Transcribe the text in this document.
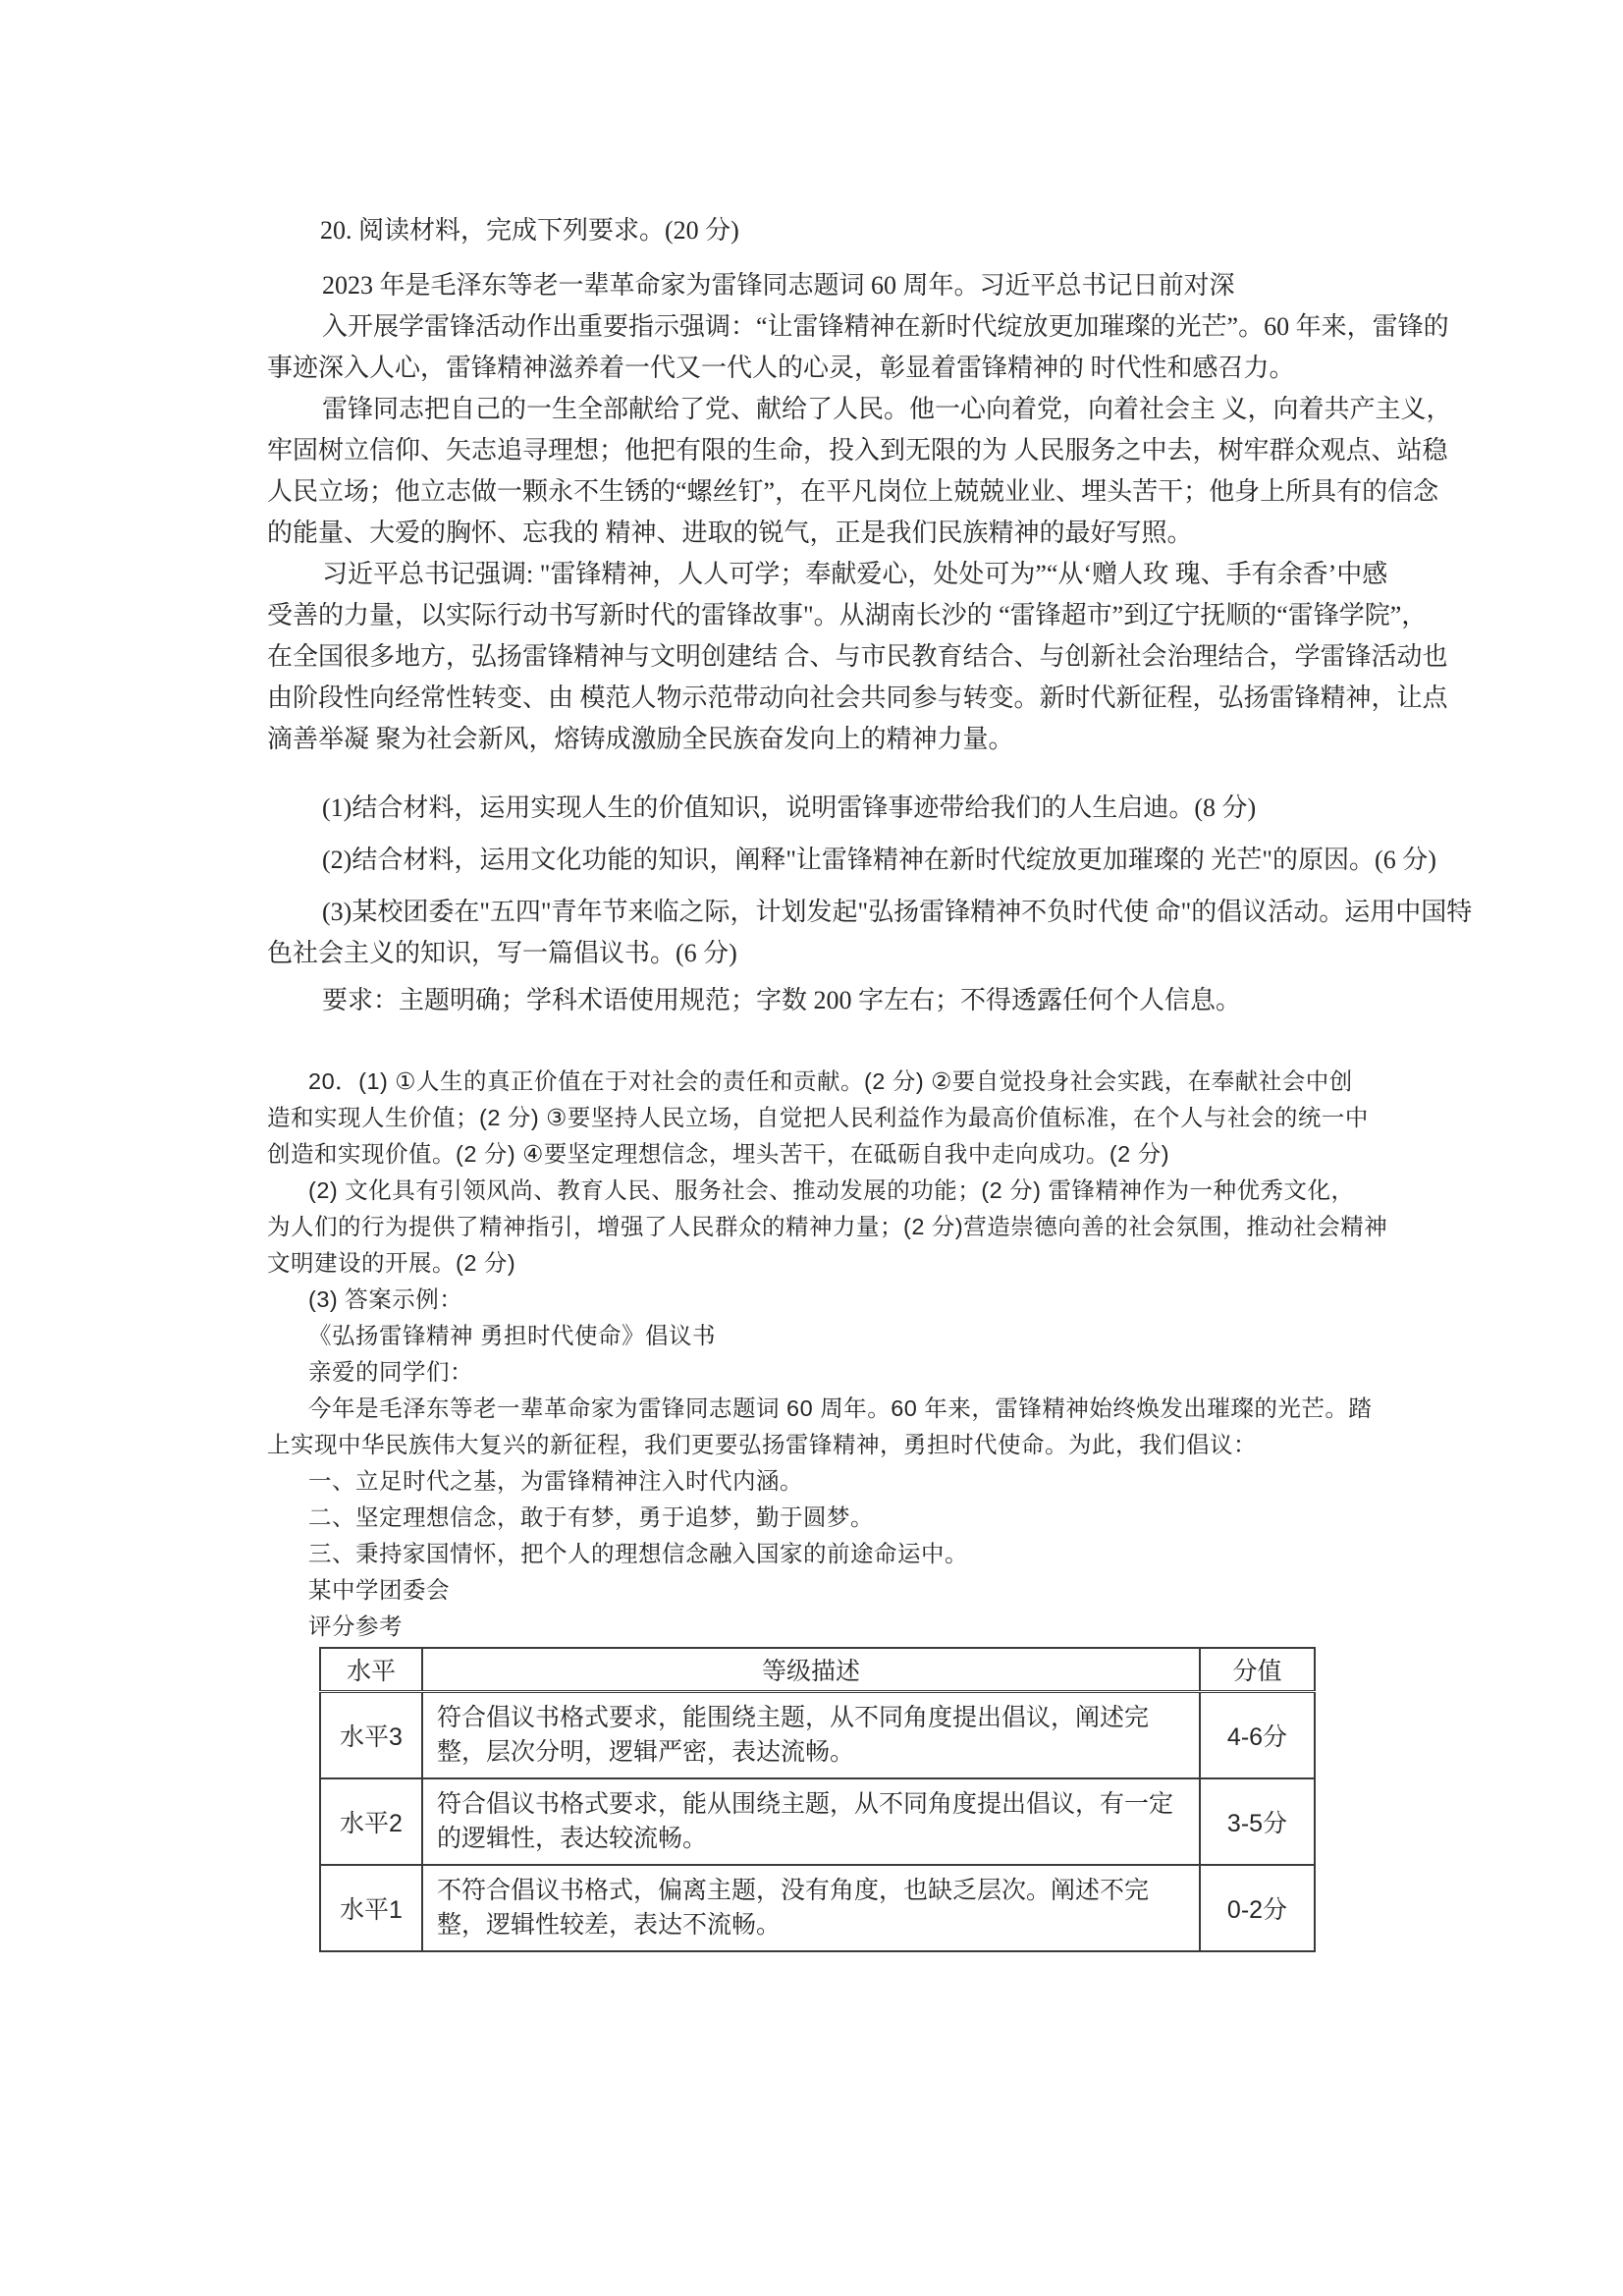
20. 阅读材料，完成下列要求。(20 分)
2023 年是毛泽东等老一辈革命家为雷锋同志题词 60 周年。习近平总书记日前对深
入开展学雷锋活动作出重要指示强调：“让雷锋精神在新时代绽放更加璀璨的光芒”。60 年来，雷锋的
事迹深入人心，雷锋精神滋养着一代又一代人的心灵，彰显着雷锋精神的 时代性和感召力。
雷锋同志把自己的一生全部献给了党、献给了人民。他一心向着党，向着社会主 义，向着共产主义，
牢固树立信仰、矢志追寻理想；他把有限的生命，投入到无限的为 人民服务之中去，树牢群众观点、站稳
人民立场；他立志做一颗永不生锈的“螺丝钉”，在平凡岗位上兢兢业业、埋头苦干；他身上所具有的信念
的能量、大爱的胸怀、忘我的 精神、进取的锐气，正是我们民族精神的最好写照。
习近平总书记强调: "雷锋精神，人人可学；奉献爱心，处处可为”“从‘赠人玫 瑰、手有余香’中感
受善的力量，以实际行动书写新时代的雷锋故事"。从湖南长沙的 “雷锋超市”到辽宁抚顺的“雷锋学院”，
在全国很多地方，弘扬雷锋精神与文明创建结 合、与市民教育结合、与创新社会治理结合，学雷锋活动也
由阶段性向经常性转变、由 模范人物示范带动向社会共同参与转变。新时代新征程，弘扬雷锋精神，让点
滴善举凝 聚为社会新风，熔铸成激励全民族奋发向上的精神力量。
(1)结合材料，运用实现人生的价值知识，说明雷锋事迹带给我们的人生启迪。(8 分)
(2)结合材料，运用文化功能的知识，阐释"让雷锋精神在新时代绽放更加璀璨的 光芒"的原因。(6 分)
(3)某校团委在"五四"青年节来临之际，计划发起"弘扬雷锋精神不负时代使 命"的倡议活动。运用中国特
色社会主义的知识，写一篇倡议书。(6 分)
要求：主题明确；学科术语使用规范；字数 200 字左右；不得透露任何个人信息。
20．(1) ①人生的真正价值在于对社会的责任和贡献。(2 分) ②要自觉投身社会实践，在奉献社会中创
造和实现人生价值；(2 分) ③要坚持人民立场，自觉把人民利益作为最高价值标准，在个人与社会的统一中
创造和实现价值。(2 分) ④要坚定理想信念，埋头苦干，在砥砺自我中走向成功。(2 分)
(2) 文化具有引领风尚、教育人民、服务社会、推动发展的功能；(2 分) 雷锋精神作为一种优秀文化，
为人们的行为提供了精神指引，增强了人民群众的精神力量；(2 分)营造崇德向善的社会氛围，推动社会精神
文明建设的开展。(2 分)
(3) 答案示例：
《弘扬雷锋精神 勇担时代使命》倡议书
亲爱的同学们：
今年是毛泽东等老一辈革命家为雷锋同志题词 60 周年。60 年来，雷锋精神始终焕发出璀璨的光芒。踏
上实现中华民族伟大复兴的新征程，我们更要弘扬雷锋精神，勇担时代使命。为此，我们倡议：
一、立足时代之基，为雷锋精神注入时代内涵。
二、坚定理想信念，敢于有梦，勇于追梦，勤于圆梦。
三、秉持家国情怀，把个人的理想信念融入国家的前途命运中。
某中学团委会
评分参考
水平	等级描述	分值
水平3	符合倡议书格式要求，能围绕主题，从不同角度提出倡议，阐述完整，层次分明，逻辑严密，表达流畅。	4-6分
水平2	符合倡议书格式要求，能从围绕主题，从不同角度提出倡议，有一定的逻辑性，表达较流畅。	3-5分
水平1	不符合倡议书格式，偏离主题，没有角度，也缺乏层次。阐述不完整，逻辑性较差，表达不流畅。	0-2分
